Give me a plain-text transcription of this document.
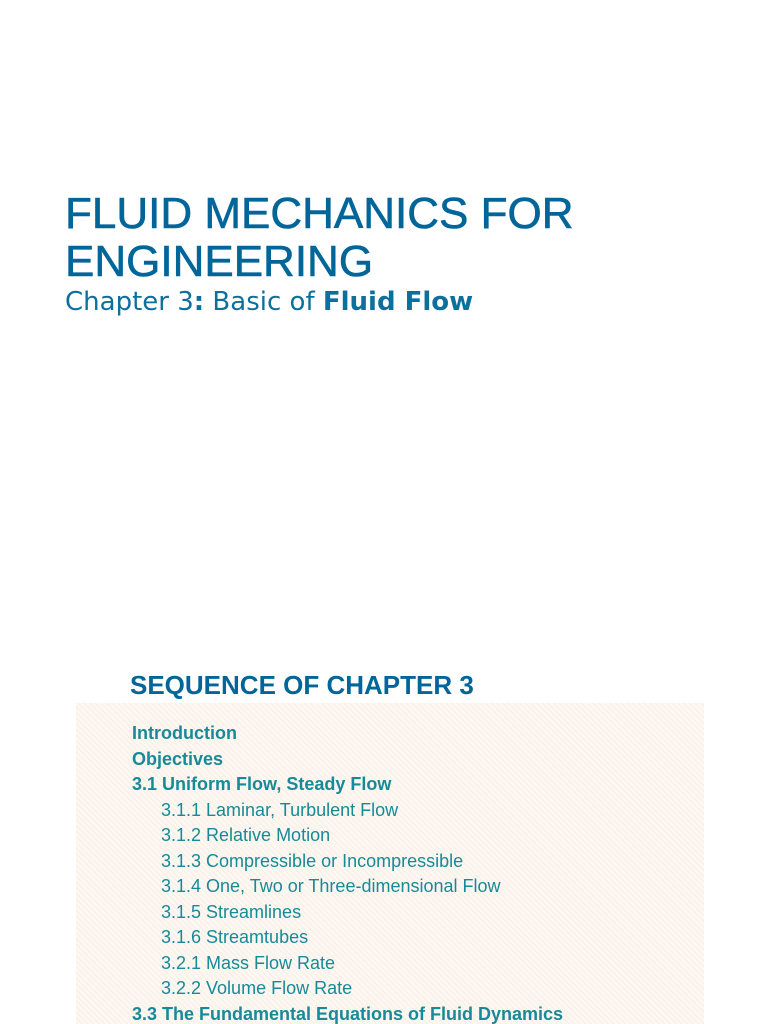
FLUID MECHANICS FOR ENGINEERING
Chapter 3: Basic of Fluid Flow
SEQUENCE OF CHAPTER 3
Introduction
Objectives
3.1 Uniform Flow, Steady Flow
3.1.1 Laminar, Turbulent Flow
3.1.2 Relative Motion
3.1.3 Compressible or Incompressible
3.1.4 One, Two or Three-dimensional Flow
3.1.5 Streamlines
3.1.6 Streamtubes
3.2.1 Mass Flow Rate
3.2.2 Volume Flow Rate
3.3 The Fundamental Equations of Fluid Dynamics
